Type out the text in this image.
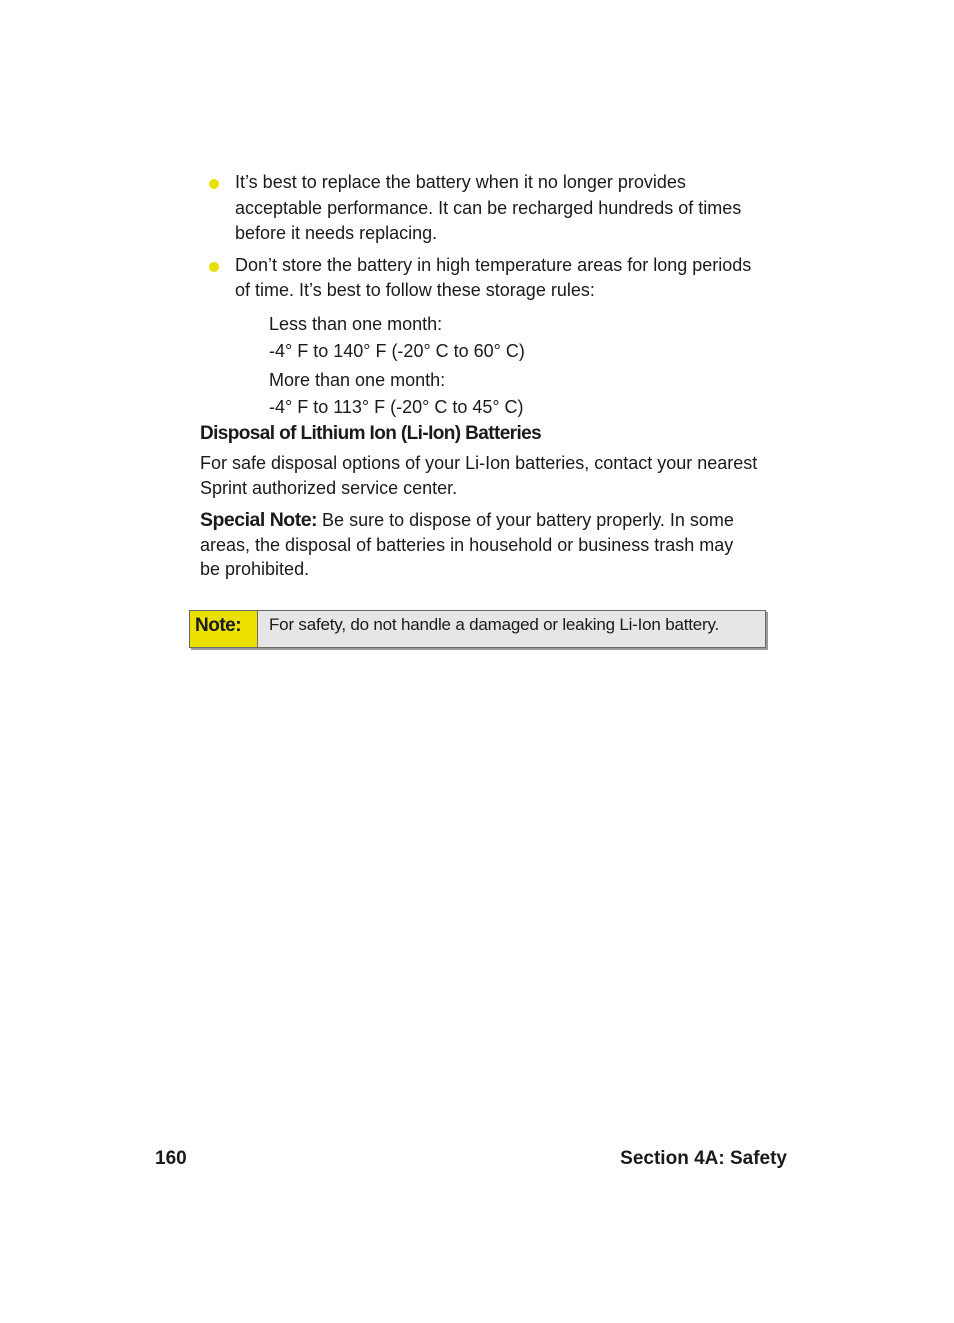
It’s best to replace the battery when it no longer provides
acceptable performance. It can be recharged hundreds of times
before it needs replacing.
Don’t store the battery in high temperature areas for long periods
of time. It’s best to follow these storage rules:
Less than one month:
-4° F to 140° F (-20° C to 60° C)
More than one month:
-4° F to 113° F (-20° C to 45° C)
Disposal of Lithium Ion (Li-Ion) Batteries

For safe disposal options of your Li-Ion batteries, contact your nearest
Sprint authorized service center.

Special Note: Be sure to dispose of your battery properly. In some
areas, the disposal of batteries in household or business trash may
be prohibited.

Note:	For safety, do not handle a damaged or leaking Li-Ion battery.
160	Section 4A: Safety
